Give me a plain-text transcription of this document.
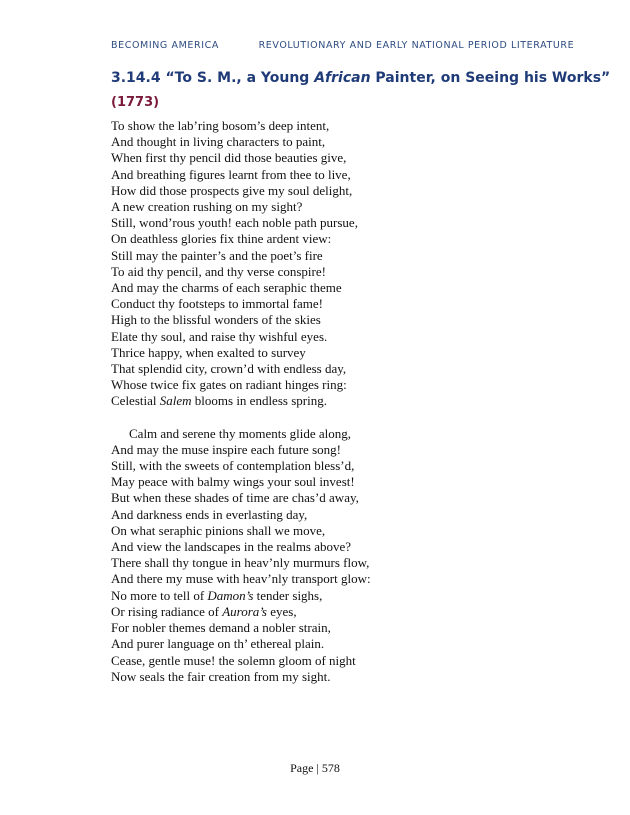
BECOMING AMERICA	REVOLUTIONARY AND EARLY NATIONAL PERIOD LITERATURE
3.14.4 “To S. M., a Young African Painter, on Seeing his Works”
(1773)

To show the lab’ring bosom’s deep intent,
And thought in living characters to paint,
When first thy pencil did those beauties give,
And breathing figures learnt from thee to live,
How did those prospects give my soul delight,
A new creation rushing on my sight?
Still, wond’rous youth! each noble path pursue,
On deathless glories fix thine ardent view:
Still may the painter’s and the poet’s fire
To aid thy pencil, and thy verse conspire!
And may the charms of each seraphic theme
Conduct thy footsteps to immortal fame!
High to the blissful wonders of the skies
Elate thy soul, and raise thy wishful eyes.
Thrice happy, when exalted to survey
That splendid city, crown’d with endless day,
Whose twice fix gates on radiant hinges ring:
Celestial Salem blooms in endless spring.

Calm and serene thy moments glide along,
And may the muse inspire each future song!
Still, with the sweets of contemplation bless’d,
May peace with balmy wings your soul invest!
But when these shades of time are chas’d away,
And darkness ends in everlasting day,
On what seraphic pinions shall we move,
And view the landscapes in the realms above?
There shall thy tongue in heav’nly murmurs flow,
And there my muse with heav’nly transport glow:
No more to tell of Damon’s tender sighs,
Or rising radiance of Aurora’s eyes,
For nobler themes demand a nobler strain,
And purer language on th’ ethereal plain.
Cease, gentle muse! the solemn gloom of night
Now seals the fair creation from my sight.

Page | 578
